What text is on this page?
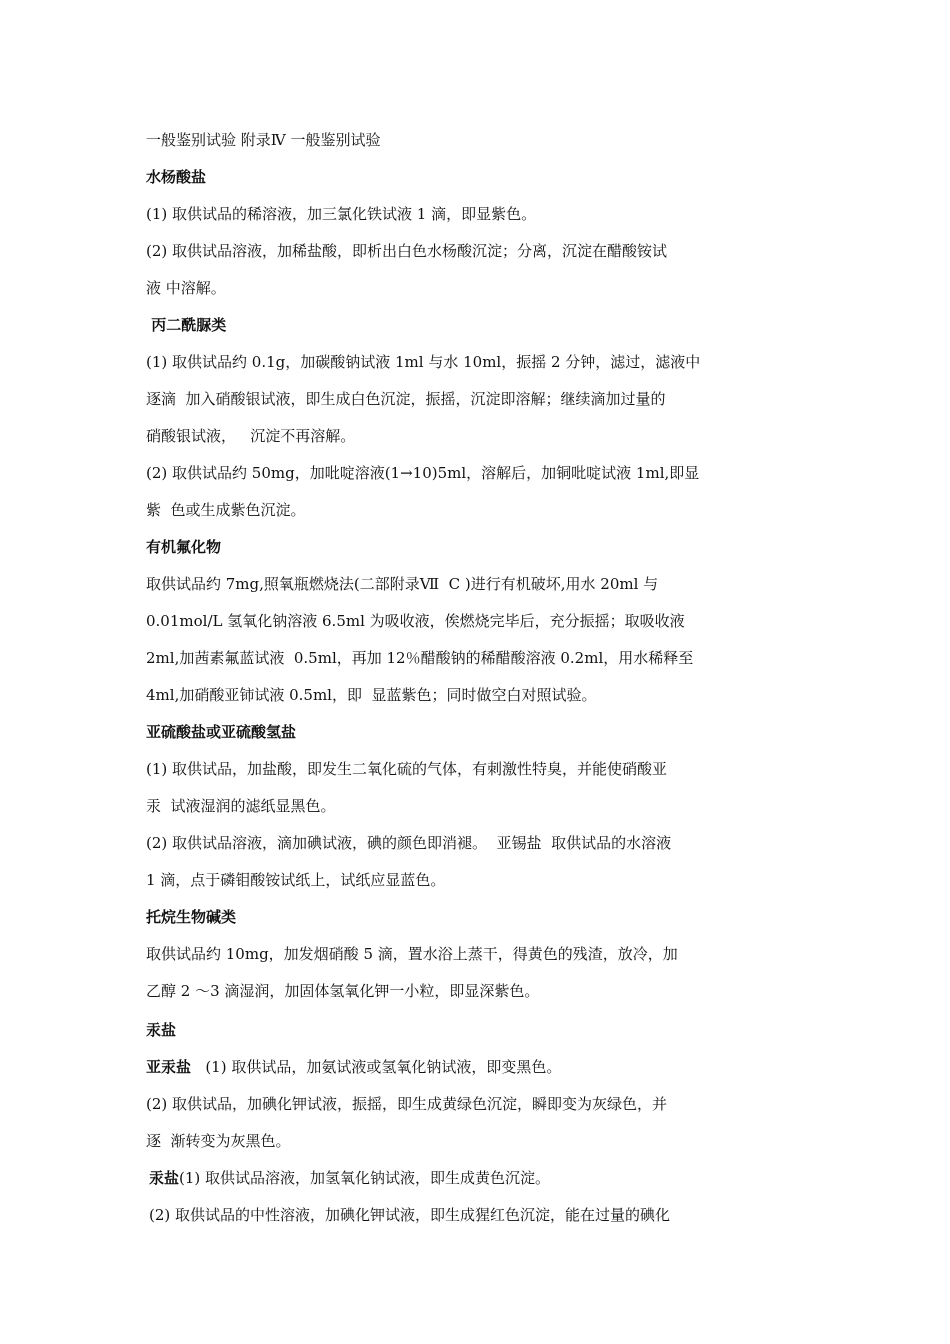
一般鉴别试验 附录Ⅳ 一般鉴别试验
水杨酸盐
(1) 取供试品的稀溶液，加三氯化铁试液 1 滴，即显紫色。
(2) 取供试品溶液，加稀盐酸，即析出白色水杨酸沉淀；分离，沉淀在醋酸铵试
液 中溶解。
丙二酰脲类
(1) 取供试品约 0.1g，加碳酸钠试液 1ml 与水 10ml，振摇 2 分钟，滤过，滤液中
逐滴  加入硝酸银试液，即生成白色沉淀，振摇，沉淀即溶解；继续滴加过量的
硝酸银试液，   沉淀不再溶解。
(2) 取供试品约 50mg，加吡啶溶液(1→10)5ml，溶解后，加铜吡啶试液 1ml,即显
紫  色或生成紫色沉淀。
有机氟化物
取供试品约 7mg,照氧瓶燃烧法(二部附录Ⅶ  C )进行有机破坏,用水 20ml 与
0.01mol/L 氢氧化钠溶液 6.5ml 为吸收液，俟燃烧完毕后，充分振摇；取吸收液
2ml,加茜素氟蓝试液  0.5ml，再加 12％醋酸钠的稀醋酸溶液 0.2ml，用水稀释至
4ml,加硝酸亚铈试液 0.5ml，即  显蓝紫色；同时做空白对照试验。
亚硫酸盐或亚硫酸氢盐
(1) 取供试品，加盐酸，即发生二氧化硫的气体，有刺激性特臭，并能使硝酸亚
汞  试液湿润的滤纸显黑色。
(2) 取供试品溶液，滴加碘试液，碘的颜色即消褪。  亚锡盐  取供试品的水溶液
1 滴，点于磷钼酸铵试纸上，试纸应显蓝色。
托烷生物碱类
取供试品约 10mg，加发烟硝酸 5 滴，置水浴上蒸干，得黄色的残渣，放冷，加
乙醇 2 ～3 滴湿润，加固体氢氧化钾一小粒，即显深紫色。
汞盐
亚汞盐   (1) 取供试品，加氨试液或氢氧化钠试液，即变黑色。
(2) 取供试品，加碘化钾试液，振摇，即生成黄绿色沉淀，瞬即变为灰绿色，并
逐  渐转变为灰黑色。
汞盐(1) 取供试品溶液，加氢氧化钠试液，即生成黄色沉淀。
(2) 取供试品的中性溶液，加碘化钾试液，即生成猩红色沉淀，能在过量的碘化
